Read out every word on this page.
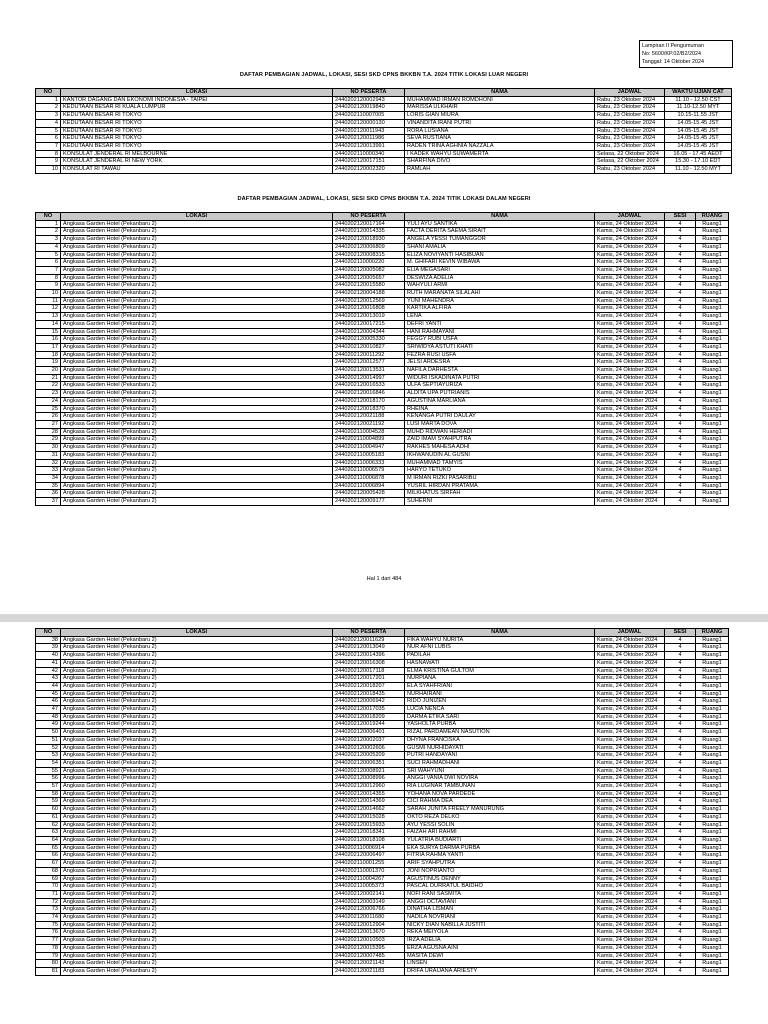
Lampiran II Pengumuman
No: 5600/KP.02/B2/2024
Tanggal: 14 Oktober 2024
DAFTAR PEMBAGIAN JADWAL, LOKASI, SESI SKD CPNS BKKBN T.A. 2024 TITIK LOKASI LUAR NEGERI
NO	LOKASI	NO PESERTA	NAMA	JADWAL	WAKTU UJIAN CAT
1	KANTOR DAGANG DAN EKONOMI INDONESIA - TAIPEI	2440202120002943	MUHAMMAD IRMAN ROMDHONI	Rabu, 23 Oktober 2024	11.10 - 12.50 CST
2	KEDUTAAN BESAR RI KUALA LUMPUR	2440202120019840	MARISSA ULKHAIR	Rabu, 23 Oktober 2024	11.10-12.50 MYT
3	KEDUTAAN BESAR RI TOKYO	2440202110007005	LORIS GIAN MIURA	Rabu, 23 Oktober 2024	10.15-11.55 JST
4	KEDUTAAN BESAR RI TOKYO	2440202120000130	VINANDITA IRANI PUTRI	Rabu, 23 Oktober 2024	14.05-15.45 JST
5	KEDUTAAN BESAR RI TOKYO	2440202120011943	RORA LUSIANA	Rabu, 23 Oktober 2024	14.05-15.45 JST
6	KEDUTAAN BESAR RI TOKYO	2440202120011986	SEVA RUSTIANA	Rabu, 23 Oktober 2024	14.05-15.45 JST
7	KEDUTAAN BESAR RI TOKYO	2440202120013991	RADEN TRINA AGHNIA NAZZALA	Rabu, 23 Oktober 2024	14.05-15.45 JST
8	KONSULAT JENDERAL RI MELBOURNE	2440202110000340	I KADEK WAHYU SUWAMERTA	Selasa, 22 Oktober 2024	16.05 - 17.45 AEDT
9	KONSULAT JENDERAL RI NEW YORK	2440202120017151	SHARFINA DIVO	Selasa, 22 Oktober 2024	15.30 - 17.10 EDT
10	KONSULAT RI TAWAU	2440202120002320	RAMLAH	Rabu, 23 Oktober 2024	11.10 - 12.50 MYT
DAFTAR PEMBAGIAN JADWAL, LOKASI, SESI SKD CPNS BKKBN T.A. 2024 TITIK LOKASI DALAM NEGERI
NO	LOKASI	NO PESERTA	NAMA	JADWAL	SESI	RUANG
1	Angkasa Garden Hotel (Pekanbaru 2)	2440202120017164	YULI AYU SANTIKA	Kamis, 24 Oktober 2024	4	Ruang1
2	Angkasa Garden Hotel (Pekanbaru 2)	2440202120014335	FACTA DERITA SAEMA SIRAIT	Kamis, 24 Oktober 2024	4	Ruang1
3	Angkasa Garden Hotel (Pekanbaru 2)	2440202120018930	ANGELA YESSI TUMANGGOR	Kamis, 24 Oktober 2024	4	Ruang1
4	Angkasa Garden Hotel (Pekanbaru 2)	2440202120006809	SHANI AMALIA	Kamis, 24 Oktober 2024	4	Ruang1
5	Angkasa Garden Hotel (Pekanbaru 2)	2440202120008315	ELIZA NOVIYANTI HASIBUAN	Kamis, 24 Oktober 2024	4	Ruang1
6	Angkasa Garden Hotel (Pekanbaru 2)	2440202110000220	M. GHIFARI KEVIN WIBAWA	Kamis, 24 Oktober 2024	4	Ruang1
7	Angkasa Garden Hotel (Pekanbaru 2)	2440202120005082	ELIA MEGASARI	Kamis, 24 Oktober 2024	4	Ruang1
8	Angkasa Garden Hotel (Pekanbaru 2)	2440202120005657	DESWIZA ADELIA	Kamis, 24 Oktober 2024	4	Ruang1
9	Angkasa Garden Hotel (Pekanbaru 2)	2440202120015580	WAHYULI ARMI	Kamis, 24 Oktober 2024	4	Ruang1
10	Angkasa Garden Hotel (Pekanbaru 2)	2440202120004188	RUTH MARANATA SILALAHI	Kamis, 24 Oktober 2024	4	Ruang1
11	Angkasa Garden Hotel (Pekanbaru 2)	2440202120012569	YUNI MAHENDRA	Kamis, 24 Oktober 2024	4	Ruang1
12	Angkasa Garden Hotel (Pekanbaru 2)	2440202120016808	KARTIKA ALFIRA	Kamis, 24 Oktober 2024	4	Ruang1
13	Angkasa Garden Hotel (Pekanbaru 2)	2440202120013019	LENA	Kamis, 24 Oktober 2024	4	Ruang1
14	Angkasa Garden Hotel (Pekanbaru 2)	2440202120017215	DEFRI YANTI	Kamis, 24 Oktober 2024	4	Ruang1
15	Angkasa Garden Hotel (Pekanbaru 2)	2440202120004344	HANI RAHMAYANI	Kamis, 24 Oktober 2024	4	Ruang1
16	Angkasa Garden Hotel (Pekanbaru 2)	2440202120005330	FEGGY RUBI USFA	Kamis, 24 Oktober 2024	4	Ruang1
17	Angkasa Garden Hotel (Pekanbaru 2)	2440202120010827	SRIWIDYA ASTUTI KHATI	Kamis, 24 Oktober 2024	4	Ruang1
18	Angkasa Garden Hotel (Pekanbaru 2)	2440202120011292	FEZRA RUSI USFA	Kamis, 24 Oktober 2024	4	Ruang1
19	Angkasa Garden Hotel (Pekanbaru 2)	2440202120012577	JELSI ARDESRA	Kamis, 24 Oktober 2024	4	Ruang1
20	Angkasa Garden Hotel (Pekanbaru 2)	2440202120013531	NAFILA DARHESTA	Kamis, 24 Oktober 2024	4	Ruang1
21	Angkasa Garden Hotel (Pekanbaru 2)	2440202120014997	WIDURI ISKADINATA PUTRI	Kamis, 24 Oktober 2024	4	Ruang1
22	Angkasa Garden Hotel (Pekanbaru 2)	2440202120016533	ULFA SEPTIAYURIZA	Kamis, 24 Oktober 2024	4	Ruang1
23	Angkasa Garden Hotel (Pekanbaru 2)	2440202120016846	ALDITA UPA PUTRIANIS	Kamis, 24 Oktober 2024	4	Ruang1
24	Angkasa Garden Hotel (Pekanbaru 2)	2440202120018170	AGUSTINA MARLIANA	Kamis, 24 Oktober 2024	4	Ruang1
25	Angkasa Garden Hotel (Pekanbaru 2)	2440202120018370	RHEINA	Kamis, 24 Oktober 2024	4	Ruang1
26	Angkasa Garden Hotel (Pekanbaru 2)	2440202120021188	KENANGA PUTRI DAULAY	Kamis, 24 Oktober 2024	4	Ruang1
27	Angkasa Garden Hotel (Pekanbaru 2)	2440202120021192	LUSI MARTA DOVA	Kamis, 24 Oktober 2024	4	Ruang1
28	Angkasa Garden Hotel (Pekanbaru 2)	2440202110004528	MUHD RIDWAN HERIADI	Kamis, 24 Oktober 2024	4	Ruang1
29	Angkasa Garden Hotel (Pekanbaru 2)	2440202110004899	ZAID IMAM SYAHPUTRA	Kamis, 24 Oktober 2024	4	Ruang1
30	Angkasa Garden Hotel (Pekanbaru 2)	2440202110004947	RAKHES MAHESA ADHI	Kamis, 24 Oktober 2024	4	Ruang1
31	Angkasa Garden Hotel (Pekanbaru 2)	2440202110005183	IKHWANUDIN AL GUSNI	Kamis, 24 Oktober 2024	4	Ruang1
32	Angkasa Garden Hotel (Pekanbaru 2)	2440202110006333	MUHAMMAD TAMYIS	Kamis, 24 Oktober 2024	4	Ruang1
33	Angkasa Garden Hotel (Pekanbaru 2)	2440202110006579	HARYO TETUKO	Kamis, 24 Oktober 2024	4	Ruang1
34	Angkasa Garden Hotel (Pekanbaru 2)	2440202110006878	M IRMAN RIZKI PASARIBU	Kamis, 24 Oktober 2024	4	Ruang1
35	Angkasa Garden Hotel (Pekanbaru 2)	2440202110006894	YUSRIL HIRDAN PRATAMA	Kamis, 24 Oktober 2024	4	Ruang1
36	Angkasa Garden Hotel (Pekanbaru 2)	2440202120005428	MILKHATUS SIRFAH	Kamis, 24 Oktober 2024	4	Ruang1
37	Angkasa Garden Hotel (Pekanbaru 2)	2440202120009177	SUHERNI	Kamis, 24 Oktober 2024	4	Ruang1
Hal 1 dari 484
NO	LOKASI	NO PESERTA	NAMA	JADWAL	SESI	RUANG
38	Angkasa Garden Hotel (Pekanbaru 2)	2440202120011629	FIKA WAHYU NURITA	Kamis, 24 Oktober 2024	4	Ruang1
39	Angkasa Garden Hotel (Pekanbaru 2)	2440202120013049	NUR AFNI LUBIS	Kamis, 24 Oktober 2024	4	Ruang1
40	Angkasa Garden Hotel (Pekanbaru 2)	2440202120014396	PADILAH	Kamis, 24 Oktober 2024	4	Ruang1
41	Angkasa Garden Hotel (Pekanbaru 2)	2440202120016308	HASNAWATI	Kamis, 24 Oktober 2024	4	Ruang1
42	Angkasa Garden Hotel (Pekanbaru 2)	2440202120017118	ELMA KRISTINA GULTOM	Kamis, 24 Oktober 2024	4	Ruang1
43	Angkasa Garden Hotel (Pekanbaru 2)	2440202120017201	NURPIANA	Kamis, 24 Oktober 2024	4	Ruang1
44	Angkasa Garden Hotel (Pekanbaru 2)	2440202120018207	ELA SYAHFRIANI	Kamis, 24 Oktober 2024	4	Ruang1
45	Angkasa Garden Hotel (Pekanbaru 2)	2440202120018435	NURHAIRANI	Kamis, 24 Oktober 2024	4	Ruang1
46	Angkasa Garden Hotel (Pekanbaru 2)	2440202120006942	RIDO JUNIZEN	Kamis, 24 Oktober 2024	4	Ruang1
47	Angkasa Garden Hotel (Pekanbaru 2)	2440202120017035	LUCIA NENCA	Kamis, 24 Oktober 2024	4	Ruang1
48	Angkasa Garden Hotel (Pekanbaru 2)	2440202120018209	DARMA ETIKA SARI	Kamis, 24 Oktober 2024	4	Ruang1
49	Angkasa Garden Hotel (Pekanbaru 2)	2440202120019244	YASHOLTA PURBA	Kamis, 24 Oktober 2024	4	Ruang1
50	Angkasa Garden Hotel (Pekanbaru 2)	2440202120006401	RIZAL PARDAMEAN NASUTION	Kamis, 24 Oktober 2024	4	Ruang1
51	Angkasa Garden Hotel (Pekanbaru 2)	2440202120002037	DHYNA FRANCISKA	Kamis, 24 Oktober 2024	4	Ruang1
52	Angkasa Garden Hotel (Pekanbaru 2)	2440202120002606	GUSMI NURHIDAYATI	Kamis, 24 Oktober 2024	4	Ruang1
53	Angkasa Garden Hotel (Pekanbaru 2)	2440202120005209	PUTRI HANDAYANI	Kamis, 24 Oktober 2024	4	Ruang1
54	Angkasa Garden Hotel (Pekanbaru 2)	2440202120006351	SUCI RAHMADHANI	Kamis, 24 Oktober 2024	4	Ruang1
55	Angkasa Garden Hotel (Pekanbaru 2)	2440202120008921	SRI WAHYUNI	Kamis, 24 Oktober 2024	4	Ruang1
56	Angkasa Garden Hotel (Pekanbaru 2)	2440202120008996	ANGGI VANIA DWI NOVIRA	Kamis, 24 Oktober 2024	4	Ruang1
57	Angkasa Garden Hotel (Pekanbaru 2)	2440202120012960	RIA LUGINAR TAMBUNAN	Kamis, 24 Oktober 2024	4	Ruang1
58	Angkasa Garden Hotel (Pekanbaru 2)	2440202120014355	YOHANA NOVA PARDEDE	Kamis, 24 Oktober 2024	4	Ruang1
59	Angkasa Garden Hotel (Pekanbaru 2)	2440202120014369	CICI RAHMA DEA	Kamis, 24 Oktober 2024	4	Ruang1
60	Angkasa Garden Hotel (Pekanbaru 2)	2440202120014662	SARAH JUNITA FREELY MANURUNG	Kamis, 24 Oktober 2024	4	Ruang1
61	Angkasa Garden Hotel (Pekanbaru 2)	2440202120015028	OKTO REZA DELKO	Kamis, 24 Oktober 2024	4	Ruang1
62	Angkasa Garden Hotel (Pekanbaru 2)	2440202120015933	AYU YESSI SOLIN	Kamis, 24 Oktober 2024	4	Ruang1
63	Angkasa Garden Hotel (Pekanbaru 2)	2440202120018341	FAIZAH ARI RAHMI	Kamis, 24 Oktober 2024	4	Ruang1
64	Angkasa Garden Hotel (Pekanbaru 2)	2440202120018108	YULATRIA BUDIARTI	Kamis, 24 Oktober 2024	4	Ruang1
65	Angkasa Garden Hotel (Pekanbaru 2)	2440202110006914	EKA SURYA DARMA PURBA	Kamis, 24 Oktober 2024	4	Ruang1
66	Angkasa Garden Hotel (Pekanbaru 2)	2440202120006497	FITRIA RAHMA YANTI	Kamis, 24 Oktober 2024	4	Ruang1
67	Angkasa Garden Hotel (Pekanbaru 2)	2440202110001255	ARIF SYAHPUTRA	Kamis, 24 Oktober 2024	4	Ruang1
68	Angkasa Garden Hotel (Pekanbaru 2)	2440202110001370	JONI NOPRIANTO	Kamis, 24 Oktober 2024	4	Ruang1
69	Angkasa Garden Hotel (Pekanbaru 2)	2440202110004267	AGUSTINUS DENNY	Kamis, 24 Oktober 2024	4	Ruang1
70	Angkasa Garden Hotel (Pekanbaru 2)	2440202110005373	PASCAL DURRATUL BAIDHO	Kamis, 24 Oktober 2024	4	Ruang1
71	Angkasa Garden Hotel (Pekanbaru 2)	2440202120002141	NOFI RANI SASMITA	Kamis, 24 Oktober 2024	4	Ruang1
72	Angkasa Garden Hotel (Pekanbaru 2)	2440202120003149	ANGGI OCTAVIANI	Kamis, 24 Oktober 2024	4	Ruang1
73	Angkasa Garden Hotel (Pekanbaru 2)	2440202120006766	DINATHA LISMAN	Kamis, 24 Oktober 2024	4	Ruang1
74	Angkasa Garden Hotel (Pekanbaru 2)	2440202120011680	NADILA NOVRIANI	Kamis, 24 Oktober 2024	4	Ruang1
75	Angkasa Garden Hotel (Pekanbaru 2)	2440202120012904	NICKY DIAN NABILLA JUSTITI	Kamis, 24 Oktober 2024	4	Ruang1
76	Angkasa Garden Hotel (Pekanbaru 2)	2440202120013670	REKA MEIYOLA	Kamis, 24 Oktober 2024	4	Ruang1
77	Angkasa Garden Hotel (Pekanbaru 2)	2440202120010503	IRZA ADELIA	Kamis, 24 Oktober 2024	4	Ruang1
78	Angkasa Garden Hotel (Pekanbaru 2)	2440202120015395	ERZA AGUSNA AINI	Kamis, 24 Oktober 2024	4	Ruang1
79	Angkasa Garden Hotel (Pekanbaru 2)	2440202120007485	MASITA DEWI	Kamis, 24 Oktober 2024	4	Ruang1
80	Angkasa Garden Hotel (Pekanbaru 2)	2440202120021143	LINSEN	Kamis, 24 Oktober 2024	4	Ruang1
81	Angkasa Garden Hotel (Pekanbaru 2)	2440202120021183	DRIFA URAIJANA ARIESTY	Kamis, 24 Oktober 2024	4	Ruang1
